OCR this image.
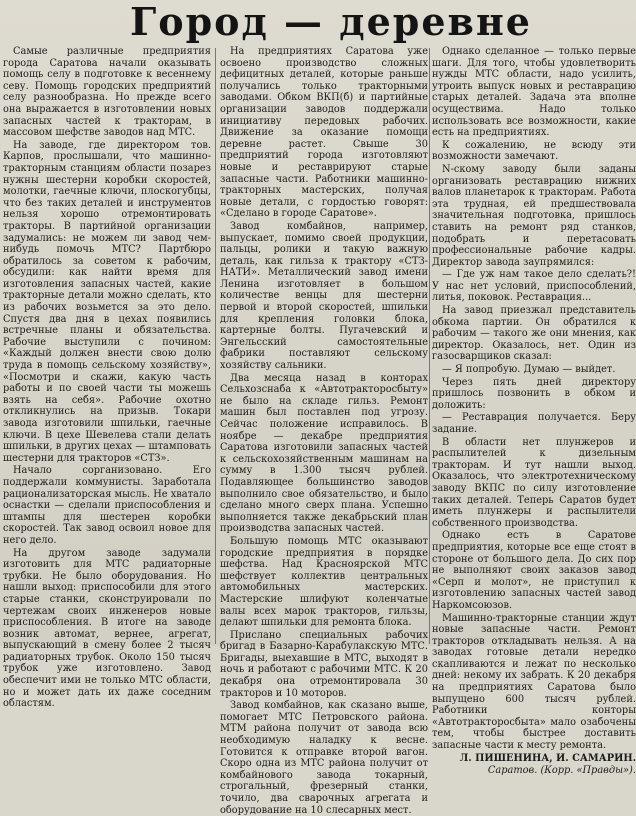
Город — деревне

Самые различные предприятия города Саратова начали оказывать помощь селу в подготовке к весеннему севу. Помощь городских предприятий селу разнообразна. Но прежде всего она выражается в изготовлении новых запасных частей к тракторам, в массовом шефстве заводов над МТС.

На заводе, где директором тов. Карпов, прослышали, что машинно-тракторным станциям области позарез нужны шестерни коробки скоростей, молотки, гаечные ключи, плоскогубцы, что без таких деталей и инструментов нельзя хорошо отремонтировать тракторы. В партийной организации задумались: не можем ли завод чем-нибудь помочь МТС? Партбюро обратилось за советом к рабочим, обсудили: как найти время для изготовления запасных частей, какие тракторные детали можно сделать, кто из рабочих возьмется за это дело. Спустя два дня в цехах появились встречные планы и обязательства. Рабочие выступили с почином: «Каждый должен внести свою долю труда в помощь сельскому хозяйству», «Посмотри и скажи, какую часть работы и по своей части ты можешь взять на себя». Рабочие охотно откликнулись на призыв. Токари завода изготовили шпильки, гаечные ключи. В цехе Шевелева стали делать шпильки, в других цехах — штамповать шестерни для тракторов «СТЗ».

Начало сорганизовано. Его поддержали коммунисты. Заработала рационализаторская мысль. Не хватало оснастки — сделали приспособления и штампы для шестерен коробки скоростей. Так завод освоил новое для него дело.

На другом заводе задумали изготовить для МТС радиаторные трубки. Не было оборудования. Но нашли выход: приспособили для этого старые станки, сконструировали по чертежам своих инженеров новые приспособления. В итоге на заводе возник автомат, вернее, агрегат, выпускающий в смену более 2 тысяч радиаторных трубок. Около 150 тысяч трубок уже изготовлено. Завод обеспечит ими не только МТС области, но и может дать их даже соседним областям.

На предприятиях Саратова уже освоено производство сложных дефицитных деталей, которые раньше получались только тракторными заводами. Обком ВКП(б) и партийные организации заводов поддержали инициативу передовых рабочих. Движение за оказание помощи деревне растет. Свыше 30 предприятий города изготовляют новые и реставрируют старые запасные части. Работники машинно-тракторных мастерских, получая новые детали, с гордостью говорят: «Сделано в городе Саратове».

Завод комбайнов, например, выпускает, помимо своей продукции, пальцы, ролики и такую важную деталь, как гильза к трактору «СТЗ-НАТИ». Металлический завод имени Ленина изготовляет в большом количестве венцы для шестерни первой и второй скоростей, шпильки для крепления головки блока, картерные болты. Пугачевский и Энгельсский самостоятельные фабрики поставляют сельскому хозяйству сальники.

Два месяца назад в конторах Сельхозснаба к «Автотракторосбыту» не было на складе гильз. Ремонт машин был поставлен под угрозу. Сейчас положение исправилось. В ноябре — декабре предприятия Саратова изготовили запасных частей к сельскохозяйственным машинам на сумму в 1.300 тысяч рублей. Подавляющее большинство заводов выполнило свое обязательство, и было сделано много сверх плана. Успешно выполняется также декабрьский план производства запасных частей.

Большую помощь МТС оказывают городские предприятия в порядке шефства. Над Красноярской МТС шефствует коллектив центральных автомобильных мастерских. Мастерские шлифуют коленчатые валы всех марок тракторов, гильзы, делают шпильки для ремонта блока.

Прислано специальных рабочих бригад в Базарно-Карабулакскую МТС. Бригады, выехавшие в МТС, выходят в ночь и работают с рабочими МТС. К 20 декабря она отремонтировала 30 тракторов и 10 моторов.

Завод комбайнов, как сказано выше, помогает МТС Петровского района. МТМ района получит от завода всю необходимую наладку к весне. Готовится к отправке второй вагон. Скоро одна из МТС района получит от комбайнового завода токарный, строгальный, фрезерный станки, точило, два сварочных агрегата и оборудование на 10 слесарных мест.

Однако сделанное — только первые шаги. Для того, чтобы удовлетворить нужды МТС области, надо усилить, утроить выпуск новых и реставрацию старых деталей. Задача эта вполне осуществима. Надо только использовать все возможности, какие есть на предприятиях.

К сожалению, не всюду эти возможности замечают.

N-скому заводу были заданы организовать реставрацию нижних валов планетарок к тракторам. Работа эта трудная, ей предшествовала значительная подготовка, пришлось ставить на ремонт ряд станков, подобрать и перетасовать профессиональные рабочие кадры. Директор завода заупрямился:

— Где уж нам такое дело сделать?! У нас нет условий, приспособлений, литья, поковок. Реставрация...

На завод приезжал представитель обкома партии. Он обратился к рабочим — такого же они мнения, как директор. Оказалось, нет. Один из газосварщиков сказал:

— Я попробую. Думаю — выйдет.

Через пять дней директору пришлось позвонить в обком и доложить:

— Реставрация получается. Беру задание.

В области нет плунжеров и распылителей к дизельным тракторам. И тут нашли выход. Оказалось, что электротехническому заводу ВКПС по силу изготовление таких деталей. Теперь Саратов будет иметь плунжеры и распылители собственного производства.

Однако есть в Саратове предприятия, которые все еще стоят в стороне от большого дела. До сих пор не выполняют своих заказов завод «Серп и молот», не приступил к изготовлению запасных частей завод Наркомсоюзов.

Машинно-тракторные станции ждут новые запасные части. Ремонт тракторов откладывать нельзя. А на заводах готовые детали нередко скапливаются и лежат по несколько дней: некому их забрать. К 20 декабря на предприятиях Саратова было выпущено 600 тысяч рублей. Работники конторы «Автотракторосбыта» мало озабочены тем, чтобы быстрее доставить запасные части к месту ремонта.

Л. ПИШЕНИНА, И. САМАРИН.

Саратов. (Корр. «Правды»).
